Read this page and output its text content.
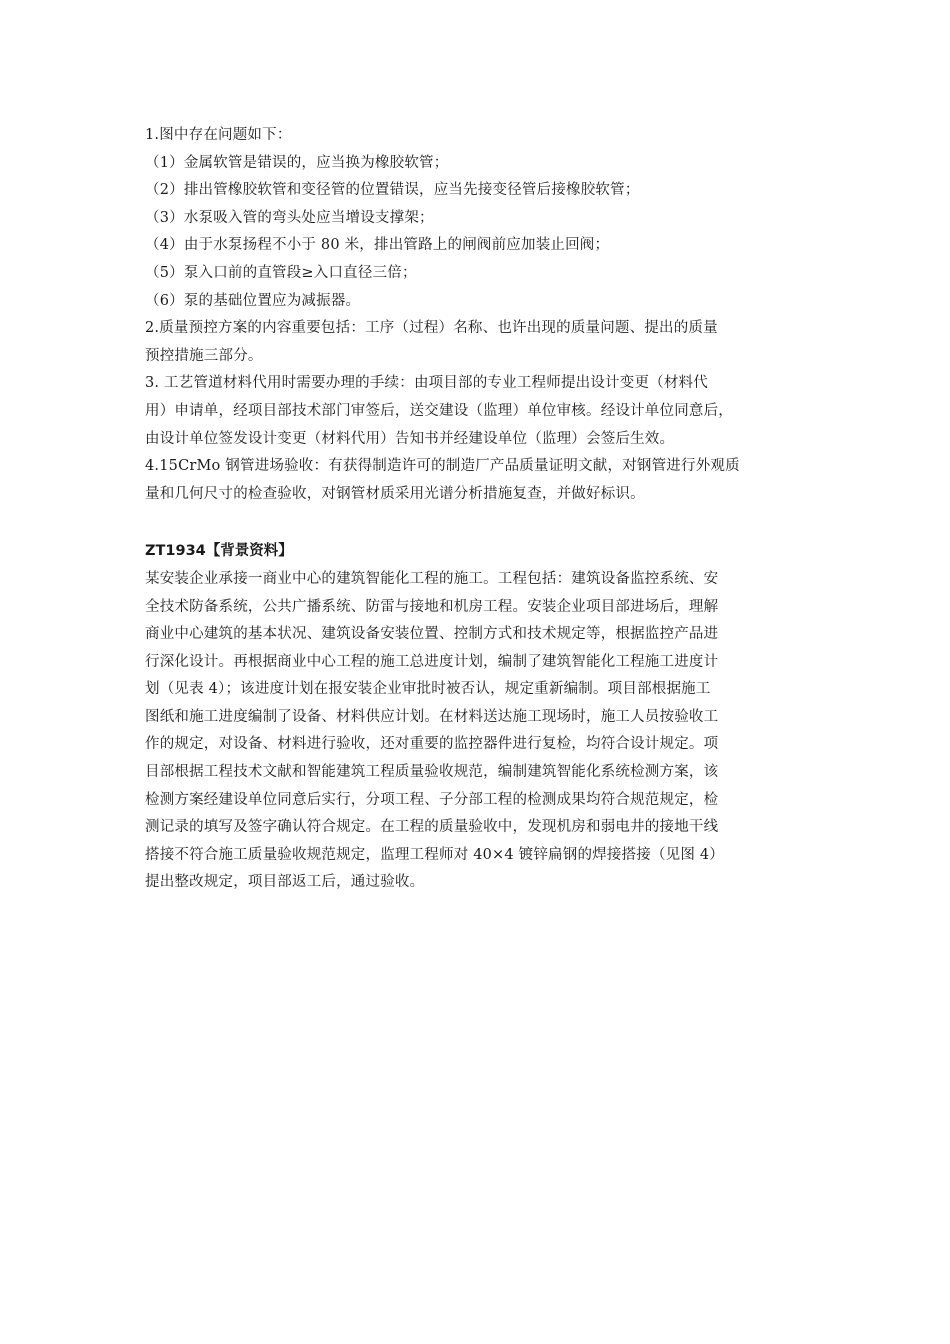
1.图中存在问题如下：
（1）金属软管是错误的，应当换为橡胶软管；
（2）排出管橡胶软管和变径管的位置错误，应当先接变径管后接橡胶软管；
（3）水泵吸入管的弯头处应当增设支撑架；
（4）由于水泵扬程不小于 80 米，排出管路上的闸阀前应加装止回阀；
（5）泵入口前的直管段≥入口直径三倍；
（6）泵的基础位置应为减振器。
2.质量预控方案的内容重要包括：工序（过程）名称、也许出现的质量问题、提出的质量
预控措施三部分。
3. 工艺管道材料代用时需要办理的手续：由项目部的专业工程师提出设计变更（材料代
用）申请单，经项目部技术部门审签后，送交建设（监理）单位审核。经设计单位同意后，
由设计单位签发设计变更（材料代用）告知书并经建设单位（监理）会签后生效。
4.15CrMo 钢管进场验收：有获得制造许可的制造厂产品质量证明文献，对钢管进行外观质
量和几何尺寸的检查验收，对钢管材质采用光谱分析措施复查，并做好标识。
ZT1934【背景资料】
某安装企业承接一商业中心的建筑智能化工程的施工。工程包括：建筑设备监控系统、安
全技术防备系统，公共广播系统、防雷与接地和机房工程。安装企业项目部进场后，理解
商业中心建筑的基本状况、建筑设备安装位置、控制方式和技术规定等，根据监控产品进
行深化设计。再根据商业中心工程的施工总进度计划，编制了建筑智能化工程施工进度计
划（见表 4）；该进度计划在报安装企业审批时被否认，规定重新编制。项目部根据施工
图纸和施工进度编制了设备、材料供应计划。在材料送达施工现场时，施工人员按验收工
作的规定，对设备、材料进行验收，还对重要的监控器件进行复检，均符合设计规定。项
目部根据工程技术文献和智能建筑工程质量验收规范，编制建筑智能化系统检测方案，该
检测方案经建设单位同意后实行，分项工程、子分部工程的检测成果均符合规范规定，检
测记录的填写及签字确认符合规定。在工程的质量验收中，发现机房和弱电井的接地干线
搭接不符合施工质量验收规范规定，监理工程师对 40×4 镀锌扁钢的焊接搭接（见图 4）
提出整改规定，项目部返工后，通过验收。
